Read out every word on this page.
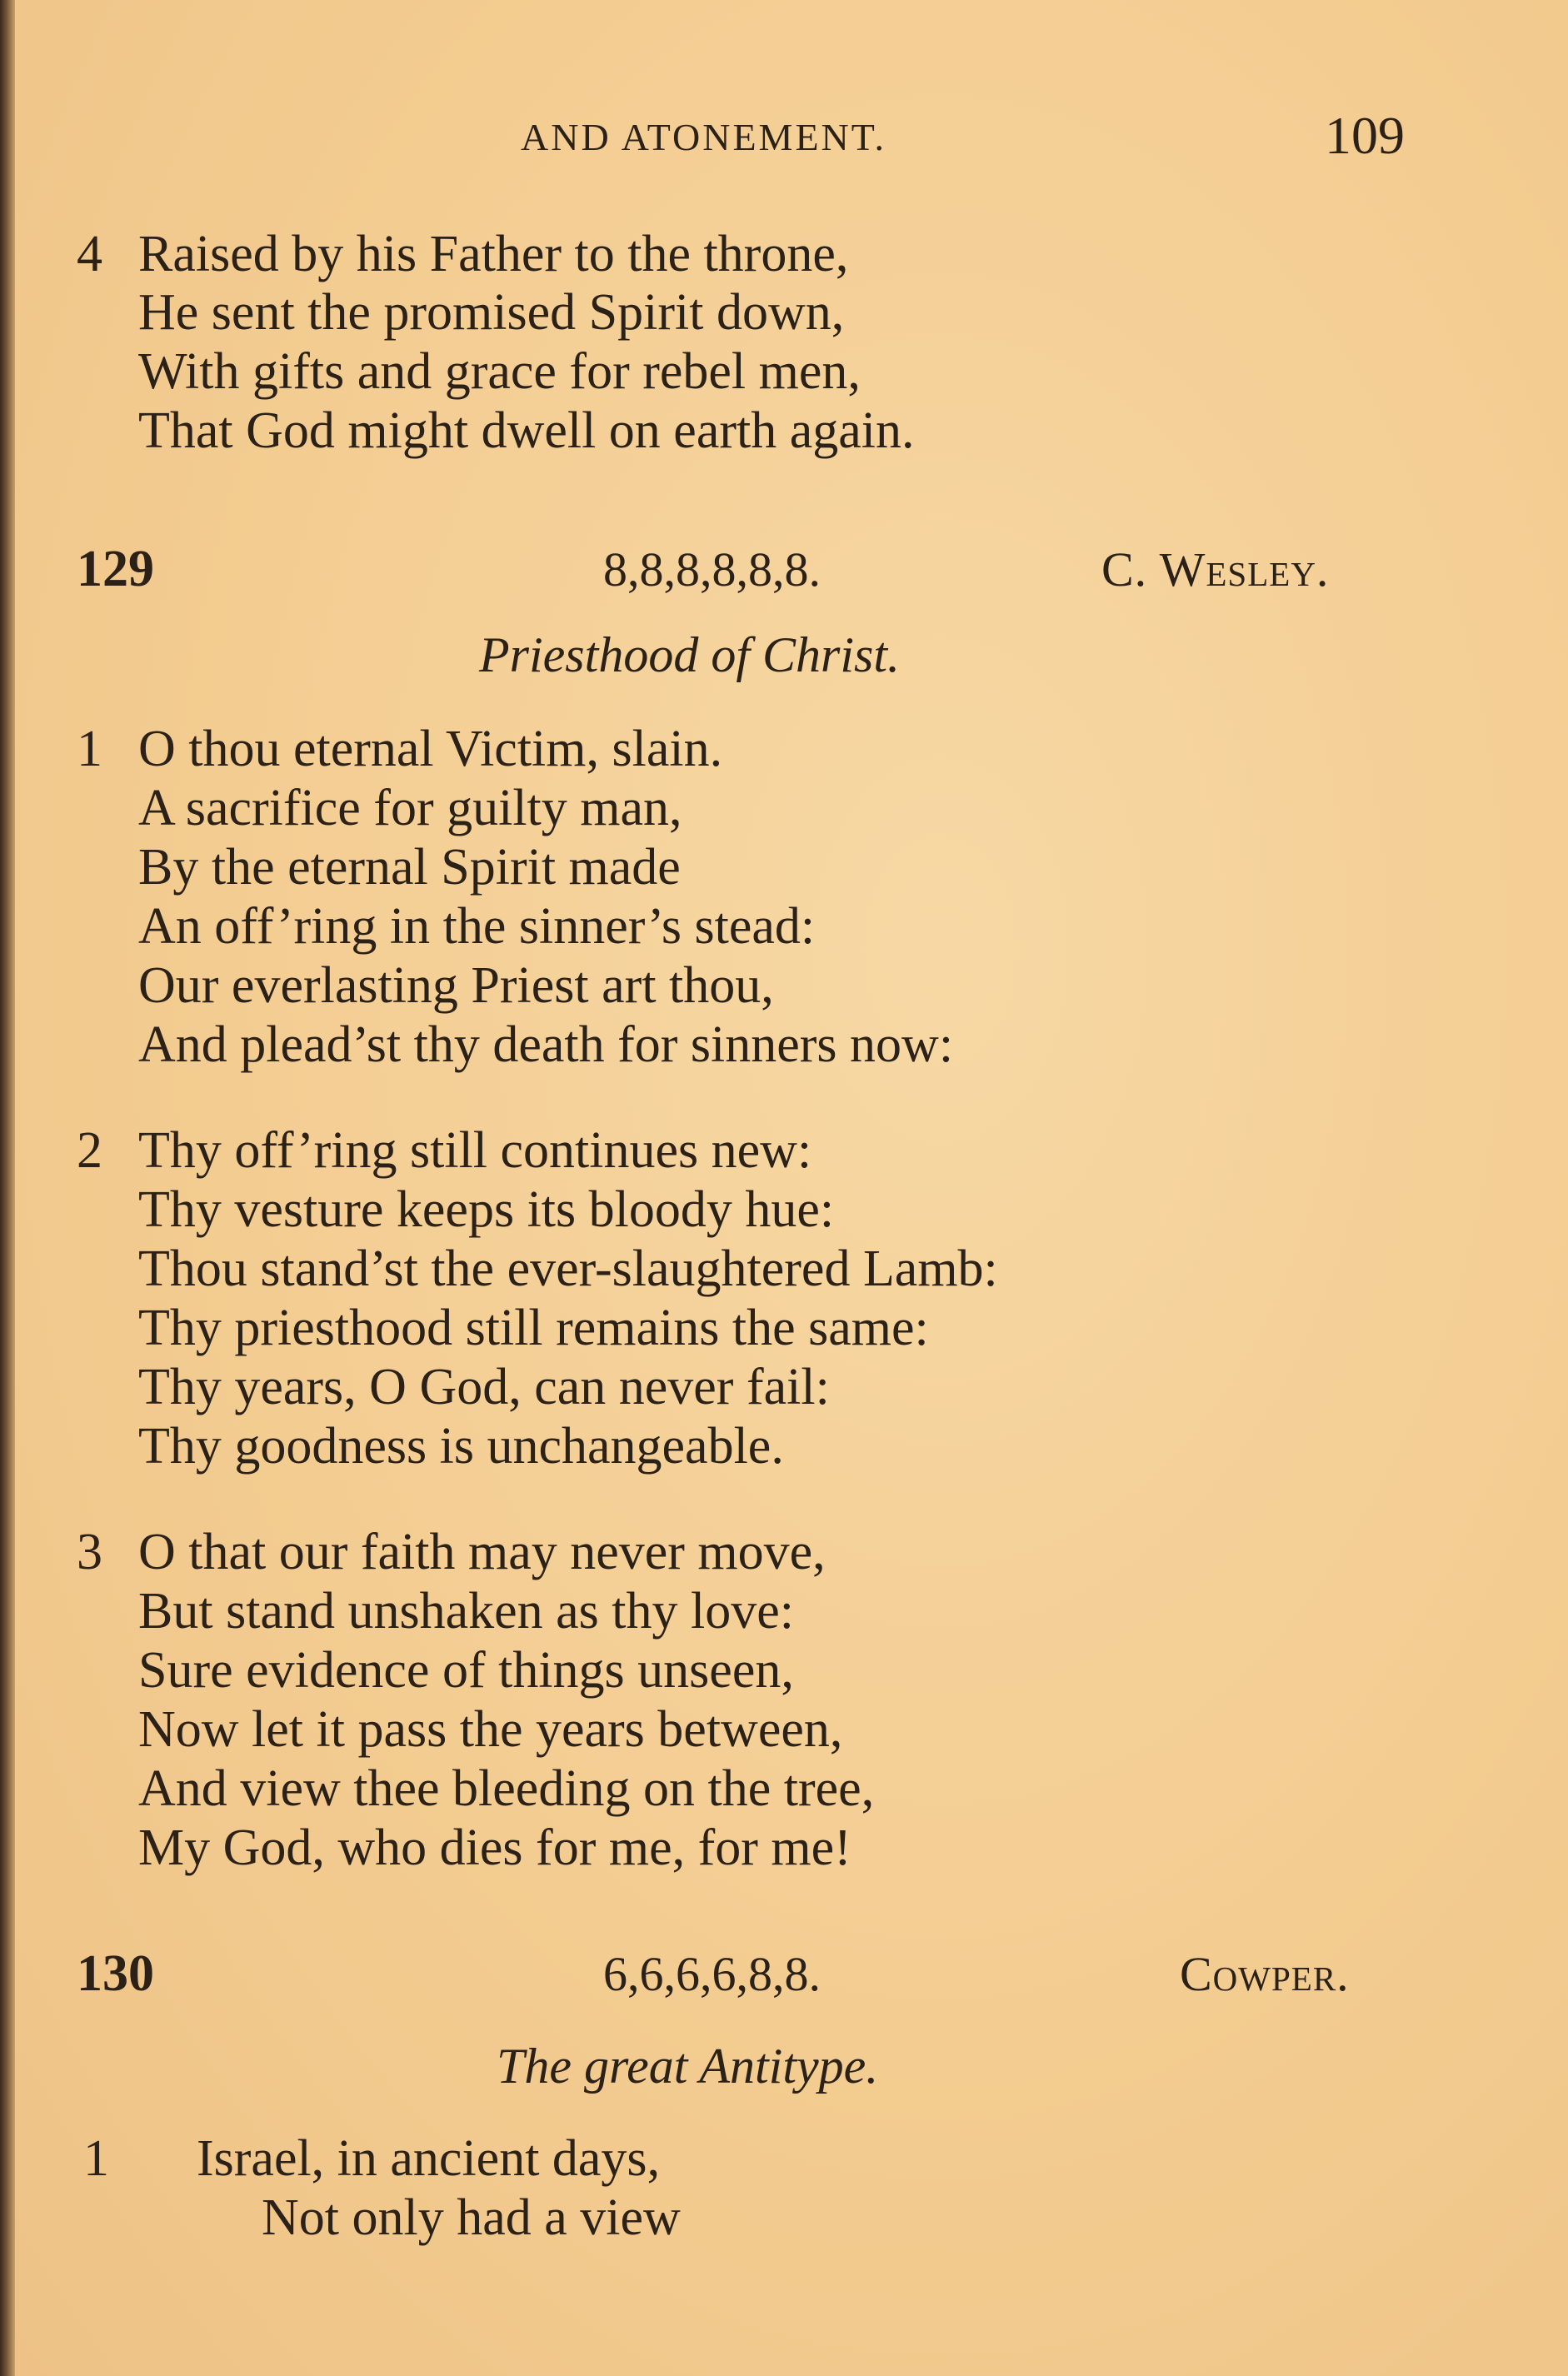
AND ATONEMENT.	109
4 Raised by his Father to the throne,
He sent the promised Spirit down,
With gifts and grace for rebel men,
That God might dwell on earth again.
129	8,8,8,8,8,8.	C. Wesley.
Priesthood of Christ.
1 O thou eternal Victim, slain.
A sacrifice for guilty man,
By the eternal Spirit made
An off’ring in the sinner’s stead:
Our everlasting Priest art thou,
And plead’st thy death for sinners now:
2 Thy off’ring still continues new:
Thy vesture keeps its bloody hue:
Thou stand’st the ever-slaughtered Lamb:
Thy priesthood still remains the same:
Thy years, O God, can never fail:
Thy goodness is unchangeable.
3 O that our faith may never move,
But stand unshaken as thy love:
Sure evidence of things unseen,
Now let it pass the years between,
And view thee bleeding on the tree,
My God, who dies for me, for me!
130	6,6,6,6,8,8.	Cowper.
The great Antitype.
1 Israel, in ancient days,
Not only had a view
